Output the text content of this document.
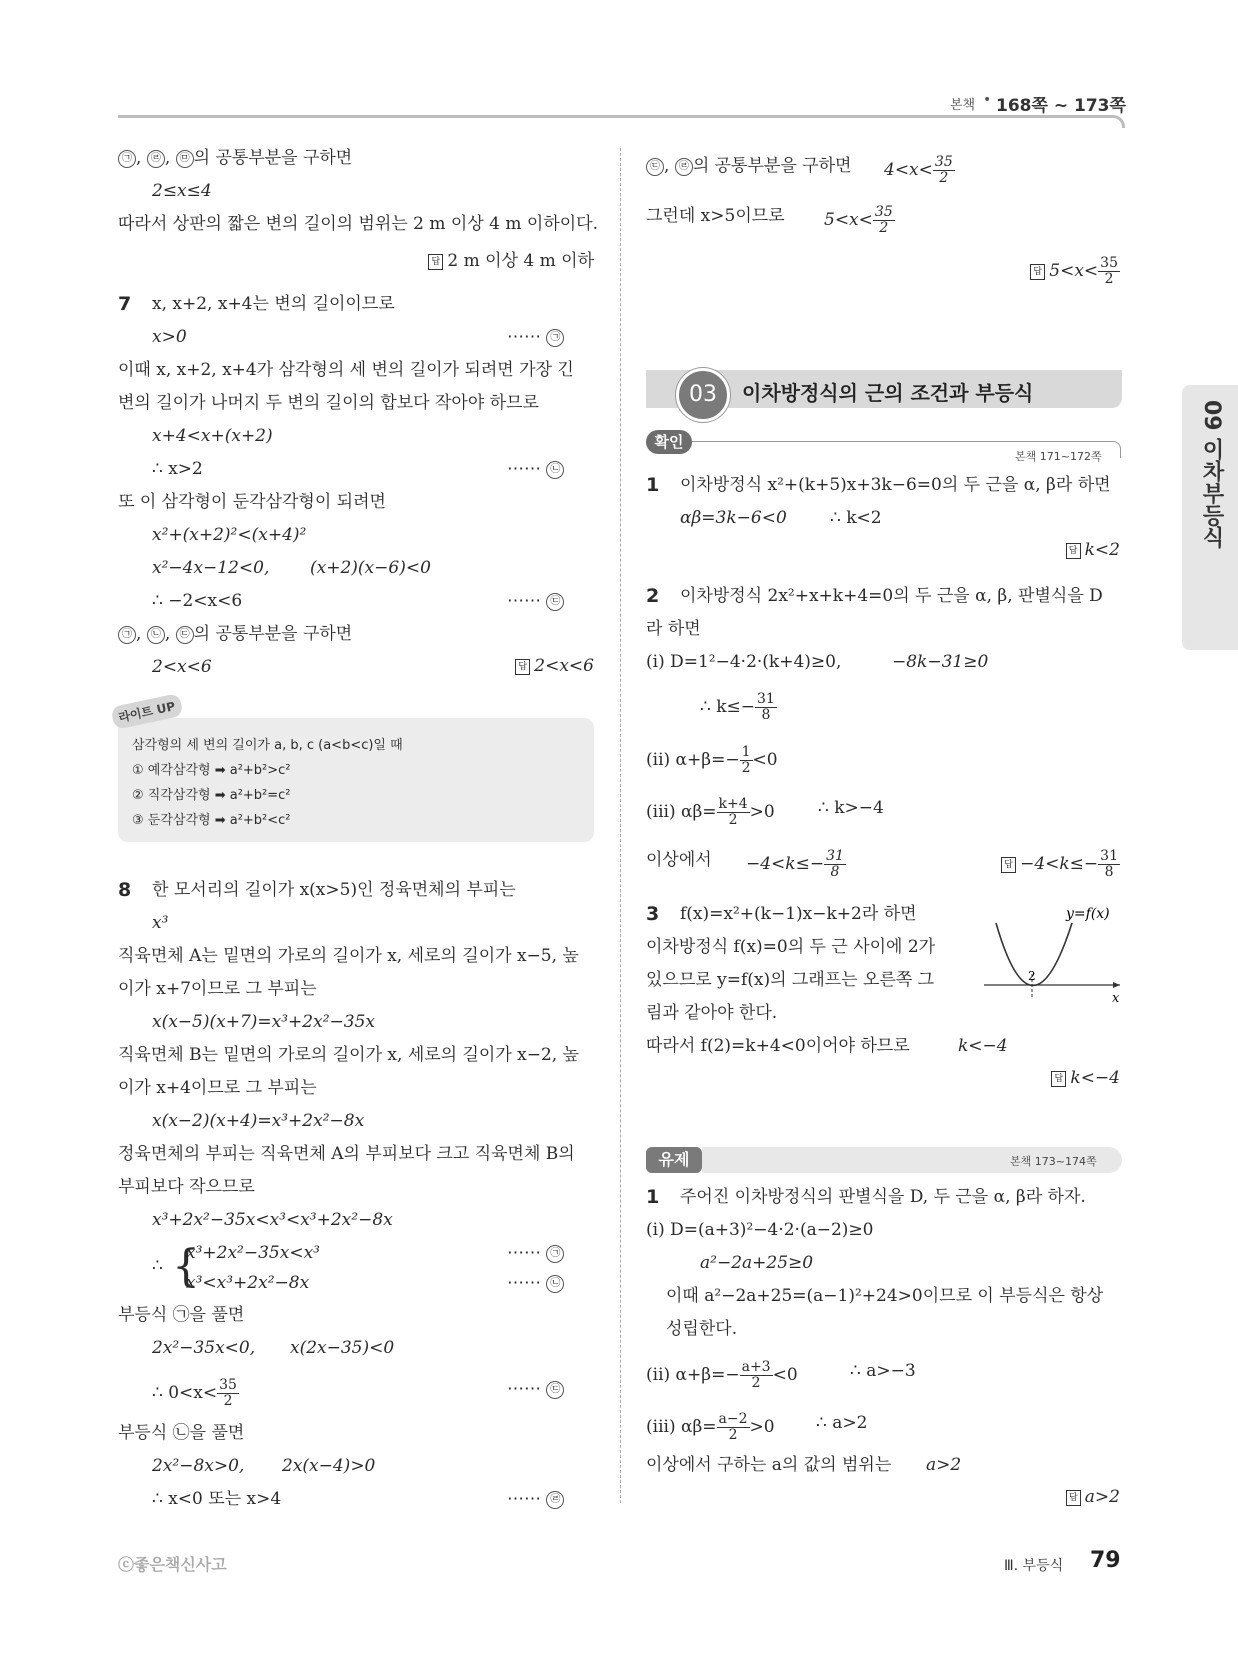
본책 • 168쪽 ~ 173쪽
09 이차부등식
㉠ , ㉣ , ㉤ 의 공통부분을 구하면
2≤x≤4
따라서 상판의 짧은 변의 길이의 범위는 2 m 이상 4 m 이하이다.
답 2 m 이상 4 m 이하
7 x, x+2, x+4는 변의 길이이므로
x>0	⋯⋯ ㉠
이때 x, x+2, x+4가 삼각형의 세 변의 길이가 되려면 가장 긴
변의 길이가 나머지 두 변의 길이의 합보다 작아야 하므로
x+4<x+(x+2)
∴ x>2	⋯⋯ ㉡
또 이 삼각형이 둔각삼각형이 되려면
x²+(x+2)²<(x+4)²
x²−4x−12<0, (x+2)(x−6)<0
∴ −2<x<6	⋯⋯ ㉢
㉠ , ㉡ , ㉢ 의 공통부분을 구하면
2<x<6	답 2<x<6
라이트 UP
삼각형의 세 변의 길이가 a, b, c (a<b<c)일 때
① 예각삼각형 ➡ a²+b²>c²
② 직각삼각형 ➡ a²+b²=c²
③ 둔각삼각형 ➡ a²+b²<c²
8 한 모서리의 길이가 x(x>5)인 정육면체의 부피는
x³
직육면체 A는 밑면의 가로의 길이가 x, 세로의 길이가 x−5, 높
이가 x+7이므로 그 부피는
x(x−5)(x+7)=x³+2x²−35x
직육면체 B는 밑면의 가로의 길이가 x, 세로의 길이가 x−2, 높
이가 x+4이므로 그 부피는
x(x−2)(x+4)=x³+2x²−8x
정육면체의 부피는 직육면체 A의 부피보다 크고 직육면체 B의
부피보다 작으므로
x³+2x²−35x<x³<x³+2x²−8x
∴ {
x³+2x²−35x<x³
x³<x³+2x²−8x
⋯⋯ ㉠
⋯⋯ ㉡
부등식 ㉠을 풀면
2x²−35x<0, x(2x−35)<0
∴ $0<x< \frac{35}{2}$	⋯⋯ ㉢
부등식 ㉡을 풀면
2x²−8x>0, 2x(x−4)>0
∴ x<0 또는 x>4	⋯⋯ ㉣
㉢ , ㉣ 의 공통부분을 구하면 $4<x< \frac{35}{2}$
그런데 x>5이므로 $5<x< \frac{35}{2}$
답 $5<x< \frac{35}{2}$
03	이차방정식의 근의 조건과 부등식
확인
본책 171~172쪽
1 이차방정식 x²+(k+5)x+3k−6=0의 두 근을 α, β라 하면
αβ=3k−6<0	∴ k<2
답 k<2
2 이차방정식 2x²+x+k+4=0의 두 근을 α, β, 판별식을 D
라 하면
(i) D=1²−4·2·(k+4)≥0,	−8k−31≥0
∴ $k\le- \frac{31}{8}$
(ii) $\alpha+\beta=- \frac{1}{2} <0$
(iii) $\alpha\beta= \frac{k+4}{2} >0$	∴ k>−4
이상에서 $-4<k\le- \frac{31}{8}$	답 $-4<k\le- \frac{31}{8}$
3 f(x)=x²+(k−1)x−k+2라 하면
이차방정식 f(x)=0의 두 근 사이에 2가
있으므로 y=f(x)의 그래프는 오른쪽 그
림과 같아야 한다.
따라서 f(2)=k+4<0이어야 하므로	k<−4
답 k<−4
2
x
y=f(x)
유제	본책 173~174쪽
1 주어진 이차방정식의 판별식을 D, 두 근을 α, β라 하자.
(i) D=(a+3)²−4·2·(a−2)≥0
a²−2a+25≥0
이때 a²−2a+25=(a−1)²+24>0이므로 이 부등식은 항상
성립한다.
(ii) $\alpha+\beta=- \frac{a+3}{2} <0$	∴ a>−3
(iii) $\alpha\beta= \frac{a-2}{2} >0$ ∴ a>2
이상에서 구하는 a의 값의 범위는 a>2
답 a>2
ⓒ좋은책신사고	Ⅲ. 부등식 79
